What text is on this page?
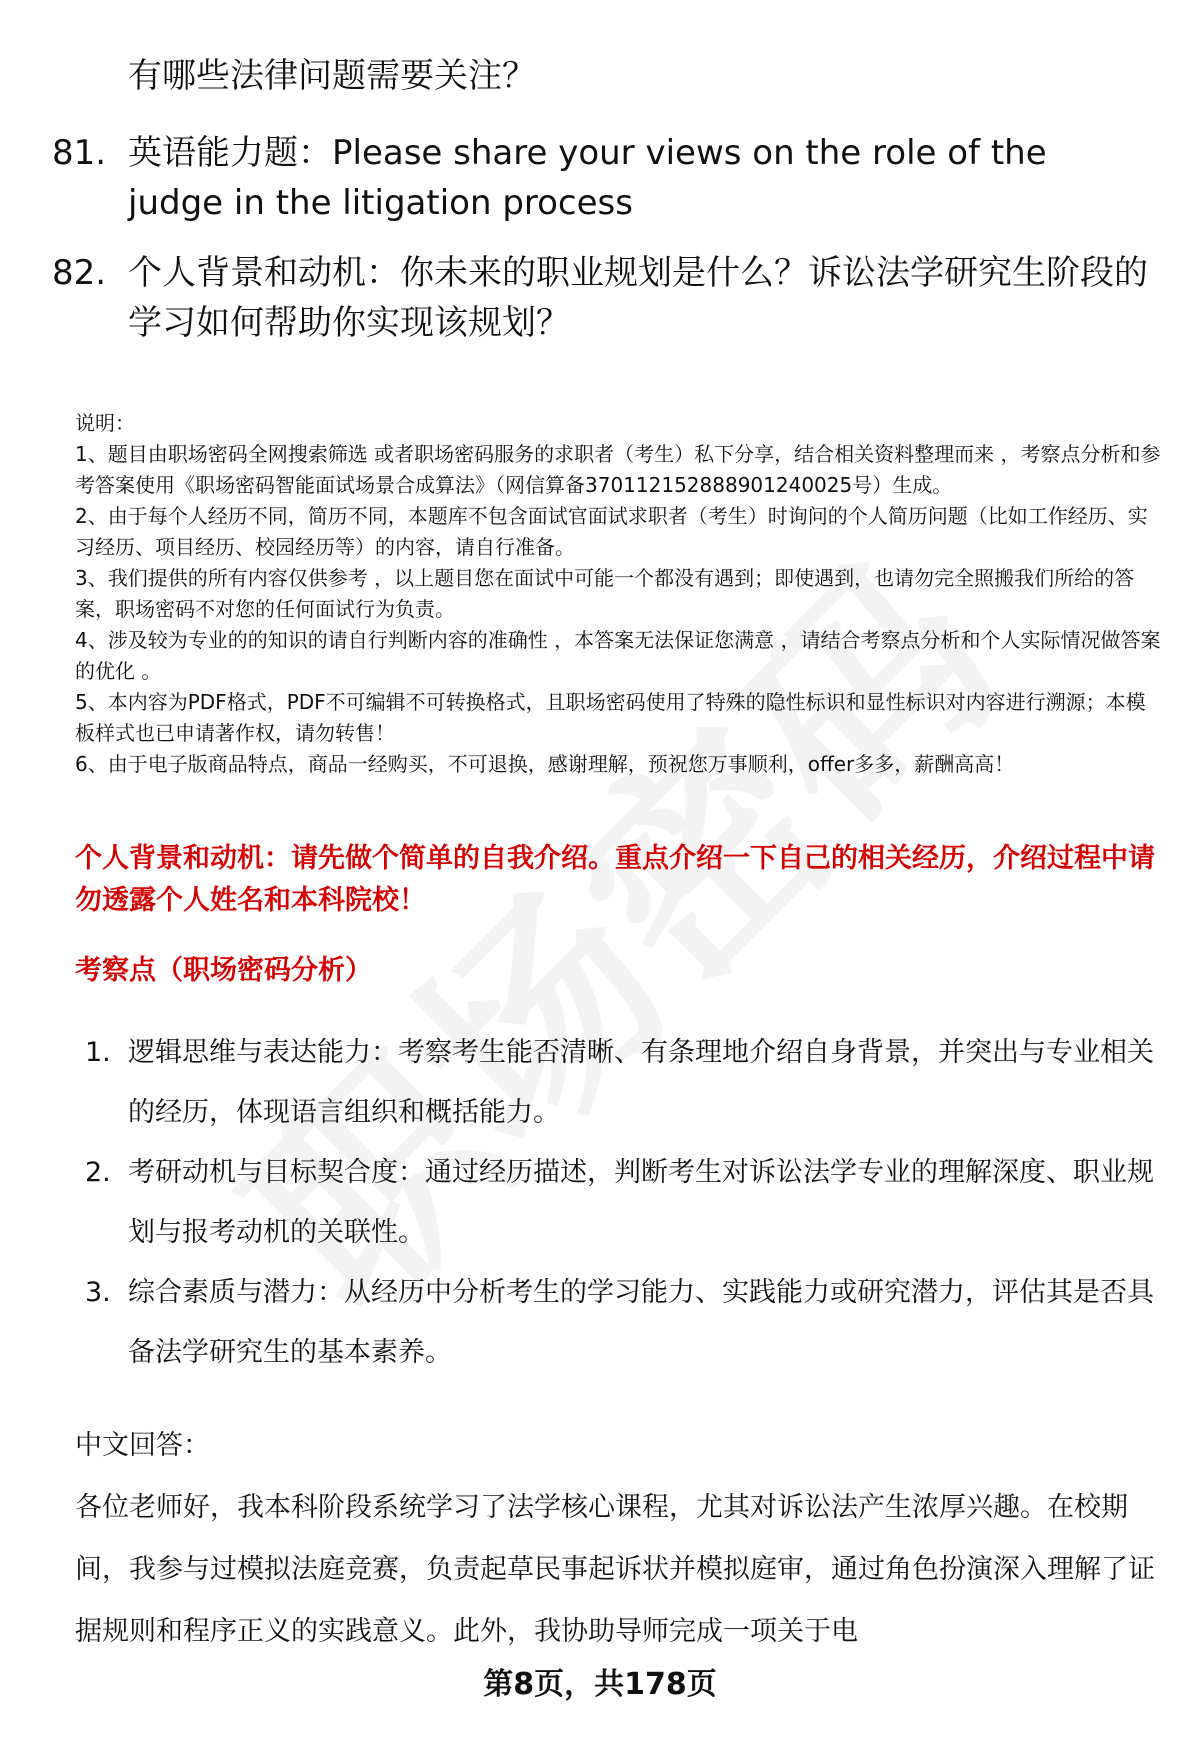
有哪些法律问题需要关注？
81. 英语能力题：Please share your views on the role of the judge in the litigation process
82. 个人背景和动机：你未来的职业规划是什么？诉讼法学研究生阶段的学习如何帮助你实现该规划？

说明：

1、题目由职场密码全网搜索筛选 或者职场密码服务的求职者（考生）私下分享，结合相关资料整理而来 ，考察点分析和参考答案使用《职场密码智能面试场景合成算法》（网信算备370112152888901240025号）生成。

2、由于每个人经历不同，简历不同，本题库不包含面试官面试求职者（考生）时询问的个人简历问题（比如工作经历、实习经历、项目经历、校园经历等）的内容，请自行准备。

3、我们提供的所有内容仅供参考 ，以上题目您在面试中可能一个都没有遇到；即使遇到，也请勿完全照搬我们所给的答案，职场密码不对您的任何面试行为负责。

4、涉及较为专业的的知识的请自行判断内容的准确性 ，本答案无法保证您满意 ，请结合考察点分析和个人实际情况做答案的优化 。

5、本内容为PDF格式，PDF不可编辑不可转换格式，且职场密码使用了特殊的隐性标识和显性标识对内容进行溯源；本模板样式也已申请著作权，请勿转售！

6、由于电子版商品特点，商品一经购买，不可退换，感谢理解，预祝您万事顺利，offer多多，薪酬高高！

个人背景和动机：请先做个简单的自我介绍。重点介绍一下自己的相关经历，介绍过程中请勿透露个人姓名和本科院校！
考察点（职场密码分析）
1. 逻辑思维与表达能力：考察考生能否清晰、有条理地介绍自身背景，并突出与专业相关的经历，体现语言组织和概括能力。
2. 考研动机与目标契合度：通过经历描述，判断考生对诉讼法学专业的理解深度、职业规划与报考动机的关联性。
3. 综合素质与潜力：从经历中分析考生的学习能力、实践能力或研究潜力，评估其是否具备法学研究生的基本素养。

中文回答：

各位老师好，我本科阶段系统学习了法学核心课程，尤其对诉讼法产生浓厚兴趣。在校期间，我参与过模拟法庭竞赛，负责起草民事起诉状并模拟庭审，通过角色扮演深入理解了证据规则和程序正义的实践意义。此外，我协助导师完成一项关于电

第8页，共178页
